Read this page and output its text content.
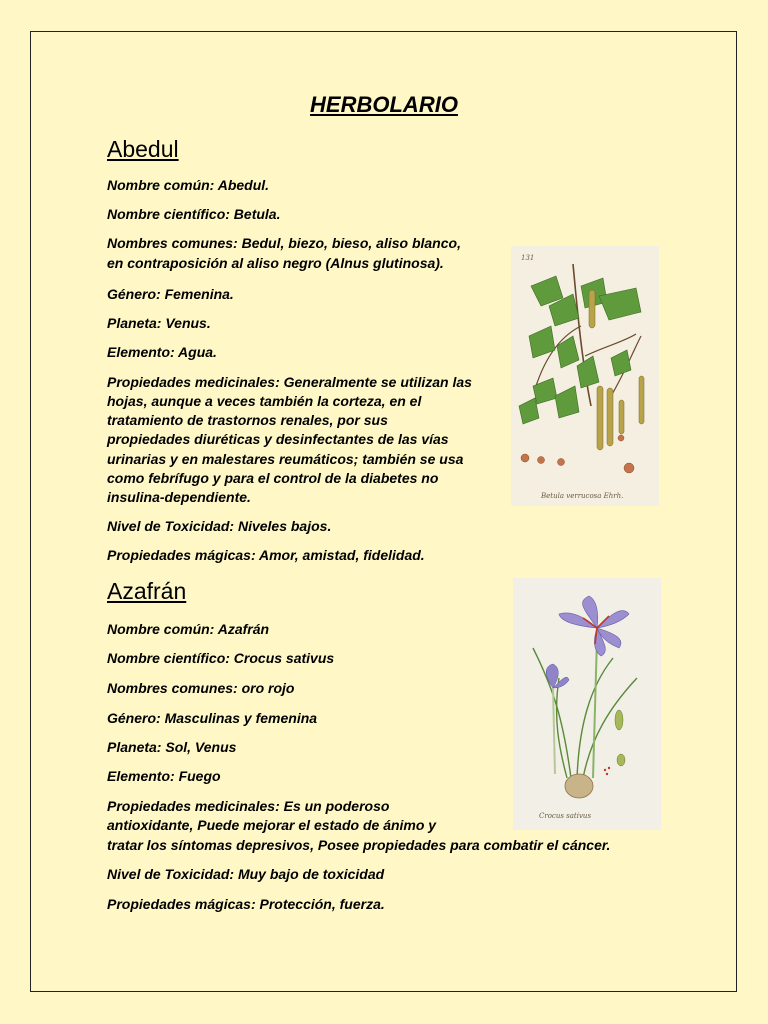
HERBOLARIO
Abedul
Nombre común: Abedul.
Nombre científico: Betula.
Nombres comunes: Bedul, biezo, bieso, aliso blanco,
en contraposición al aliso negro (Alnus glutinosa).
Género: Femenina.
Planeta: Venus.
Elemento: Agua.
Propiedades medicinales: Generalmente se utilizan las
hojas, aunque a veces también la corteza, en el
tratamiento de trastornos renales, por sus
propiedades diuréticas y desinfectantes de las vías
urinarias y en malestares reumáticos; también se usa
como febrífugo y para el control de la diabetes no
insulina-dependiente.
Nivel de Toxicidad: Niveles bajos.
Propiedades mágicas: Amor, amistad, fidelidad.
131
Betula verrucosa Ehrh.
Azafrán
Nombre común: Azafrán
Nombre científico: Crocus sativus
Nombres comunes: oro rojo
Género: Masculinas y femenina
Planeta: Sol, Venus
Elemento: Fuego
Propiedades medicinales: Es un poderoso
antioxidante, Puede mejorar el estado de ánimo y
tratar los síntomas depresivos, Posee propiedades para combatir el cáncer.
Nivel de Toxicidad: Muy bajo de toxicidad
Propiedades mágicas: Protección, fuerza.
Crocus sativus
